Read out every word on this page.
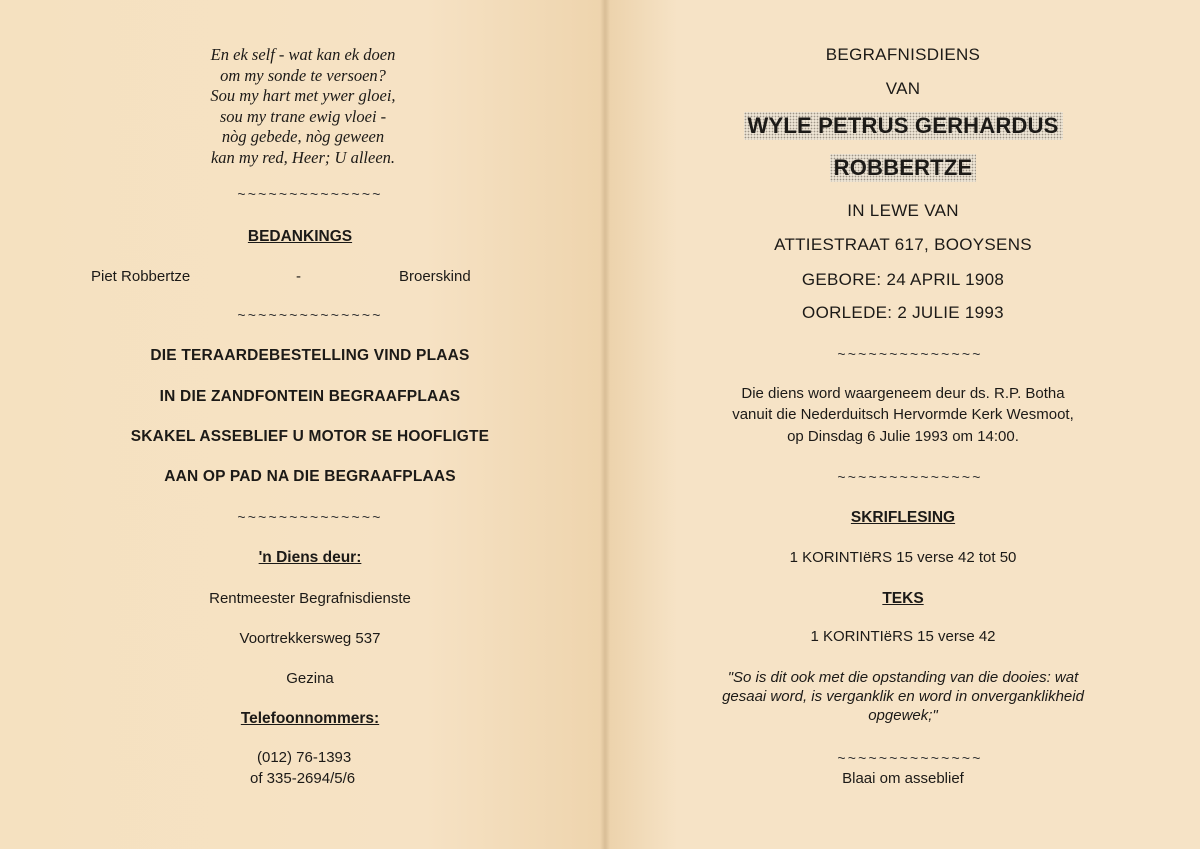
En ek self - wat kan ek doen
om my sonde te versoen?
Sou my hart met ywer gloei,
sou my trane ewig vloei -
nòg gebede, nòg geween
kan my red, Heer; U alleen.
~~~~~~~~~~~~~~
BEDANKINGS
Piet Robbertze	-	Broerskind
~~~~~~~~~~~~~~
DIE TERAARDEBESTELLING VIND PLAAS
IN DIE ZANDFONTEIN BEGRAAFPLAAS
SKAKEL ASSEBLIEF U MOTOR SE HOOFLIGTE
AAN OP PAD NA DIE BEGRAAFPLAAS
~~~~~~~~~~~~~~
'n Diens deur:
Rentmeester Begrafnisdienste
Voortrekkersweg 537
Gezina
Telefoonnommers:
(012) 76-1393
of 335-2694/5/6
BEGRAFNISDIENS
VAN
WYLE PETRUS GERHARDUS
ROBBERTZE
IN LEWE VAN
ATTIESTRAAT 617, BOOYSENS
GEBORE: 24 APRIL 1908
OORLEDE: 2 JULIE 1993
~~~~~~~~~~~~~~
Die diens word waargeneem deur ds. R.P. Botha
vanuit die Nederduitsch Hervormde Kerk Wesmoot,
op Dinsdag 6 Julie 1993 om 14:00.
~~~~~~~~~~~~~~
SKRIFLESING
1 KORINTIëRS 15 verse 42 tot 50
TEKS
1 KORINTIëRS 15 verse 42
"So is dit ook met die opstanding van die dooies: wat
gesaai word, is verganklik en word in onverganklikheid
opgewek;"
~~~~~~~~~~~~~~
Blaai om asseblief
